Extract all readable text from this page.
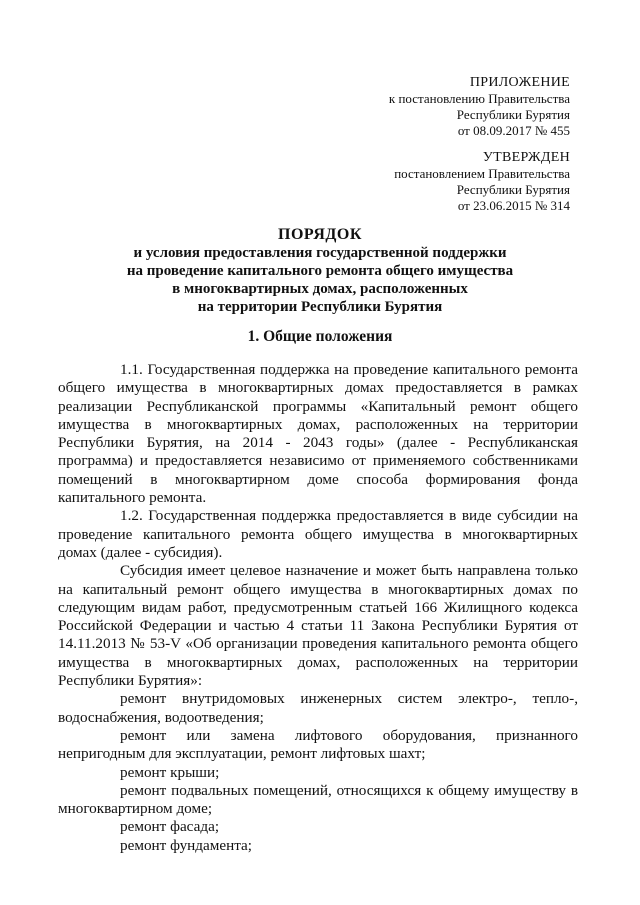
ПРИЛОЖЕНИЕ
к постановлению Правительства
Республики Бурятия
от 08.09.2017 № 455
УТВЕРЖДЕН
постановлением Правительства
Республики Бурятия
от 23.06.2015 № 314
ПОРЯДОК
и условия предоставления государственной поддержки
на проведение капитального ремонта общего имущества
в многоквартирных домах, расположенных
на территории Республики Бурятия
1. Общие положения

1.1. Государственная поддержка на проведение капитального ремонта общего имущества в многоквартирных домах предоставляется в рамках реализации Республиканской программы «Капитальный ремонт общего имущества в многоквартирных домах, расположенных на территории Республики Бурятия, на 2014 - 2043 годы» (далее - Республиканская программа) и предоставляется независимо от применяемого собственниками помещений в многоквартирном доме способа формирования фонда капитального ремонта.

1.2. Государственная поддержка предоставляется в виде субсидии на проведение капитального ремонта общего имущества в многоквартирных домах (далее - субсидия).

Субсидия имеет целевое назначение и может быть направлена только на капитальный ремонт общего имущества в многоквартирных домах по следующим видам работ, предусмотренным статьей 166 Жилищного кодекса Российской Федерации и частью 4 статьи 11 Закона Республики Бурятия от 14.11.2013 № 53-V «Об организации проведения капитального ремонта общего имущества в многоквартирных домах, расположенных на территории Республики Бурятия»:

ремонт внутридомовых инженерных систем электро-, тепло-, водоснабжения, водоотведения;

ремонт или замена лифтового оборудования, признанного непригодным для эксплуатации, ремонт лифтовых шахт;

ремонт крыши;

ремонт подвальных помещений, относящихся к общему имуществу в многоквартирном доме;

ремонт фасада;

ремонт фундамента;
